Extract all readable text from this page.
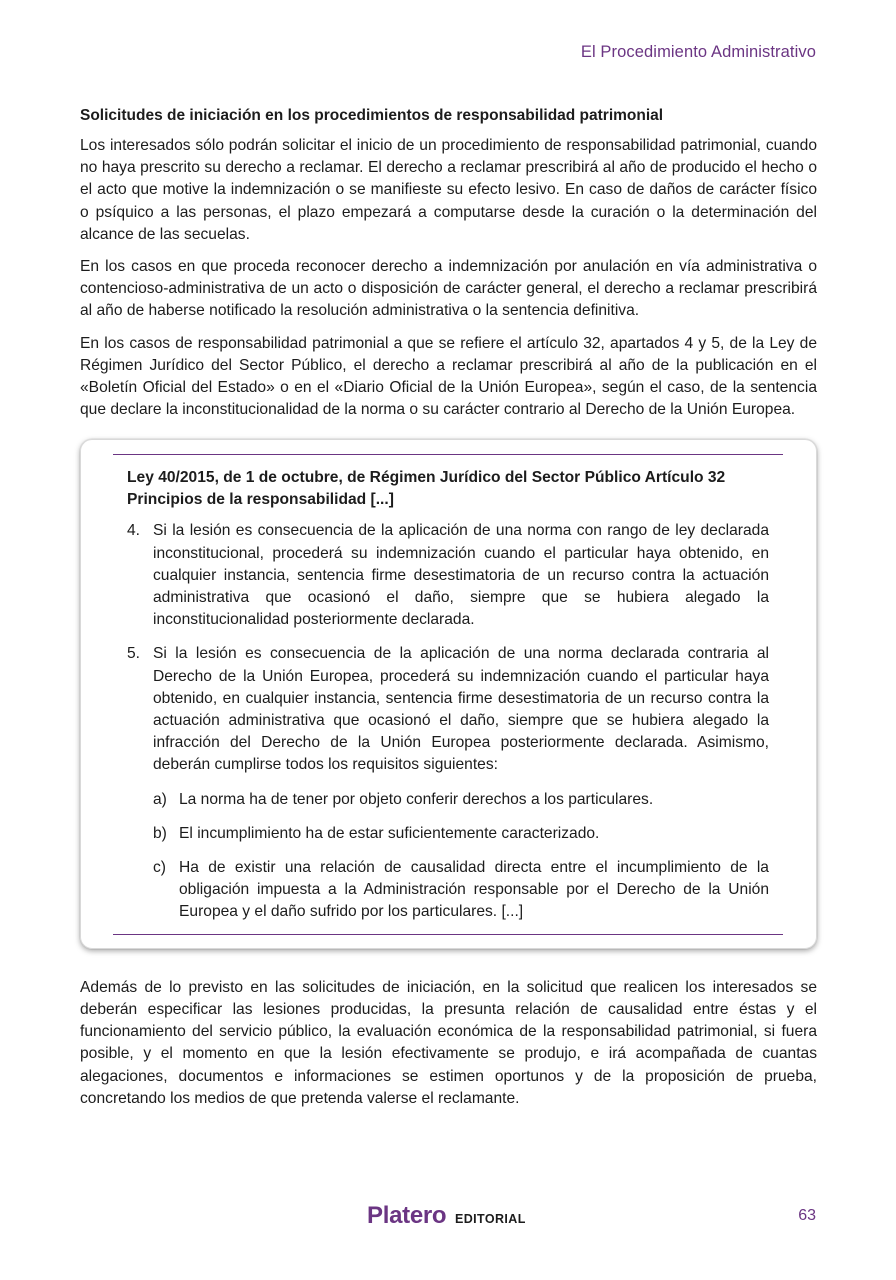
El Procedimiento Administrativo
Solicitudes de iniciación en los procedimientos de responsabilidad patrimonial

Los interesados sólo podrán solicitar el inicio de un procedimiento de responsabilidad patrimonial, cuando no haya prescrito su derecho a reclamar. El derecho a reclamar prescribirá al año de producido el hecho o el acto que motive la indemnización o se manifieste su efecto lesivo. En caso de daños de carácter físico o psíquico a las personas, el plazo empezará a computarse desde la curación o la determinación del alcance de las secuelas.

En los casos en que proceda reconocer derecho a indemnización por anulación en vía administrativa o contencioso-administrativa de un acto o disposición de carácter general, el derecho a reclamar prescribirá al año de haberse notificado la resolución administrativa o la sentencia definitiva.

En los casos de responsabilidad patrimonial a que se refiere el artículo 32, apartados 4 y 5, de la Ley de Régimen Jurídico del Sector Público, el derecho a reclamar prescribirá al año de la publicación en el «Boletín Oficial del Estado» o en el «Diario Oficial de la Unión Europea», según el caso, de la sentencia que declare la inconstitucionalidad de la norma o su carácter contrario al Derecho de la Unión Europea.

Ley 40/2015, de 1 de octubre, de Régimen Jurídico del Sector Público Artículo 32 Principios de la responsabilidad [...]
4. Si la lesión es consecuencia de la aplicación de una norma con rango de ley declarada inconstitucional, procederá su indemnización cuando el particular haya obtenido, en cualquier instancia, sentencia firme desestimatoria de un recurso contra la actuación administrativa que ocasionó el daño, siempre que se hubiera alegado la inconstitucionalidad posteriormente declarada.
5. Si la lesión es consecuencia de la aplicación de una norma declarada contraria al Derecho de la Unión Europea, procederá su indemnización cuando el particular haya obtenido, en cualquier instancia, sentencia firme desestimatoria de un recurso contra la actuación administrativa que ocasionó el daño, siempre que se hubiera alegado la infracción del Derecho de la Unión Europea posteriormente declarada. Asimismo, deberán cumplirse todos los requisitos siguientes:
a) La norma ha de tener por objeto conferir derechos a los particulares.
b) El incumplimiento ha de estar suficientemente caracterizado.
c) Ha de existir una relación de causalidad directa entre el incumplimiento de la obligación impuesta a la Administración responsable por el Derecho de la Unión Europea y el daño sufrido por los particulares. [...]

Además de lo previsto en las solicitudes de iniciación, en la solicitud que realicen los interesados se deberán especificar las lesiones producidas, la presunta relación de causalidad entre éstas y el funcionamiento del servicio público, la evaluación económica de la responsabilidad patrimonial, si fuera posible, y el momento en que la lesión efectivamente se produjo, e irá acompañada de cuantas alegaciones, documentos e informaciones se estimen oportunos y de la proposición de prueba, concretando los medios de que pretenda valerse el reclamante.

Platero EDITORIAL	63
